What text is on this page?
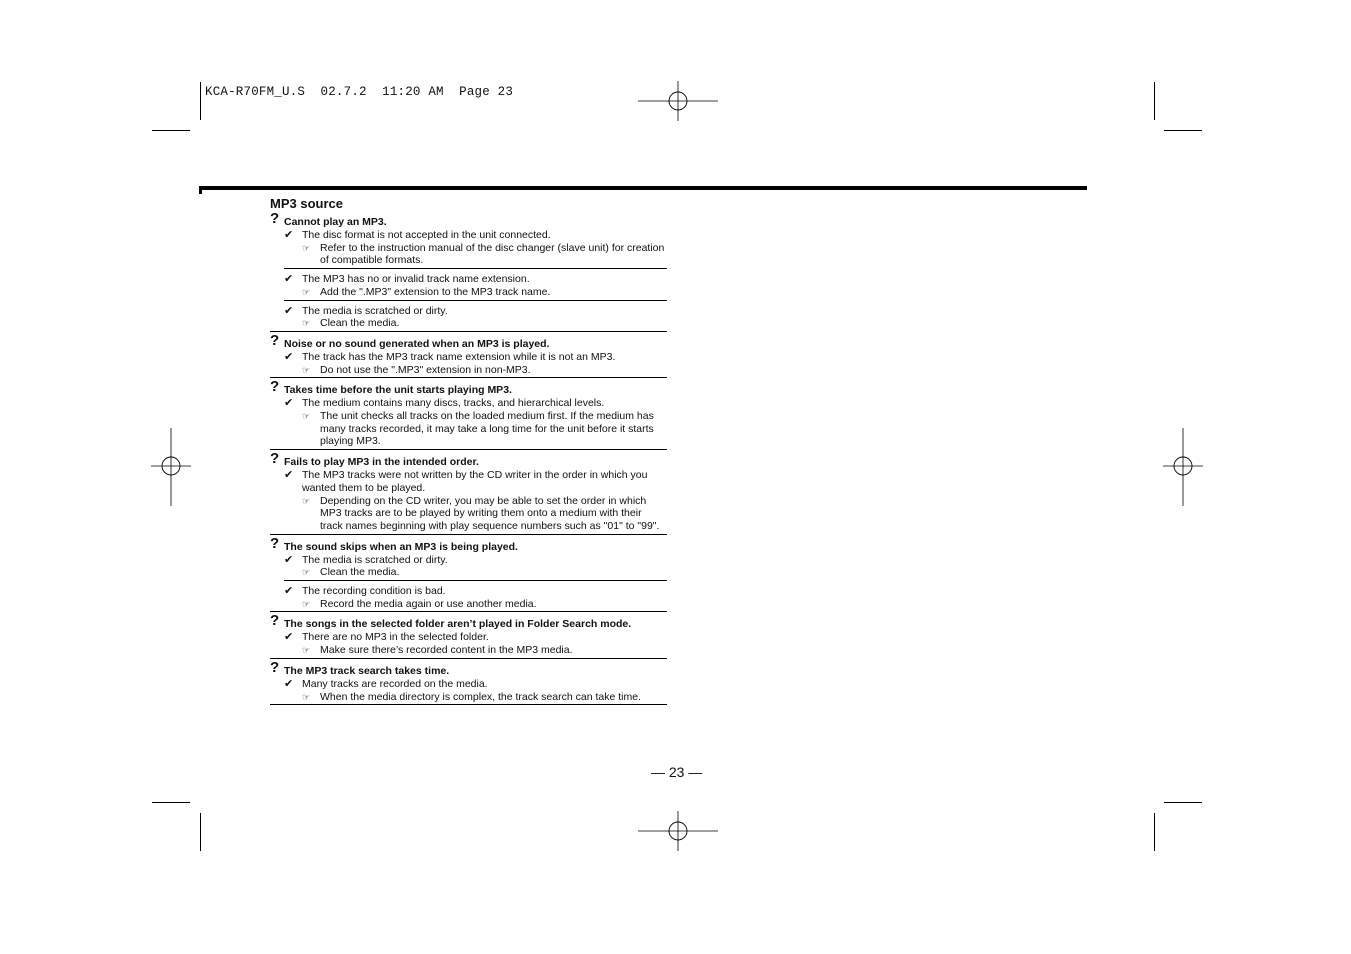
KCA-R70FM_U.S  02.7.2  11:20 AM  Page 23
MP3 source
? Cannot play an MP3.
✔ The disc format is not accepted in the unit connected.
☞ Refer to the instruction manual of the disc changer (slave unit) for creation of compatible formats.
✔ The MP3 has no or invalid track name extension.
☞ Add the ".MP3" extension to the MP3 track name.
✔ The media is scratched or dirty.
☞ Clean the media.
? Noise or no sound generated when an MP3 is played.
✔ The track has the MP3 track name extension while it is not an MP3.
☞ Do not use the ".MP3" extension in non-MP3.
? Takes time before the unit starts playing MP3.
✔ The medium contains many discs, tracks, and hierarchical levels.
☞ The unit checks all tracks on the loaded medium first. If the medium has many tracks recorded, it may take a long time for the unit before it starts playing MP3.
? Fails to play MP3 in the intended order.
✔ The MP3 tracks were not written by the CD writer in the order in which you wanted them to be played.
☞ Depending on the CD writer, you may be able to set the order in which MP3 tracks are to be played by writing them onto a medium with their track names beginning with play sequence numbers such as "01" to "99".
? The sound skips when an MP3 is being played.
✔ The media is scratched or dirty.
☞ Clean the media.
✔ The recording condition is bad.
☞ Record the media again or use another media.
? The songs in the selected folder aren’t played in Folder Search mode.
✔ There are no MP3 in the selected folder.
☞ Make sure there’s recorded content in the MP3 media.
? The MP3 track search takes time.
✔ Many tracks are recorded on the media.
☞ When the media directory is complex, the track search can take time.
— 23 —
